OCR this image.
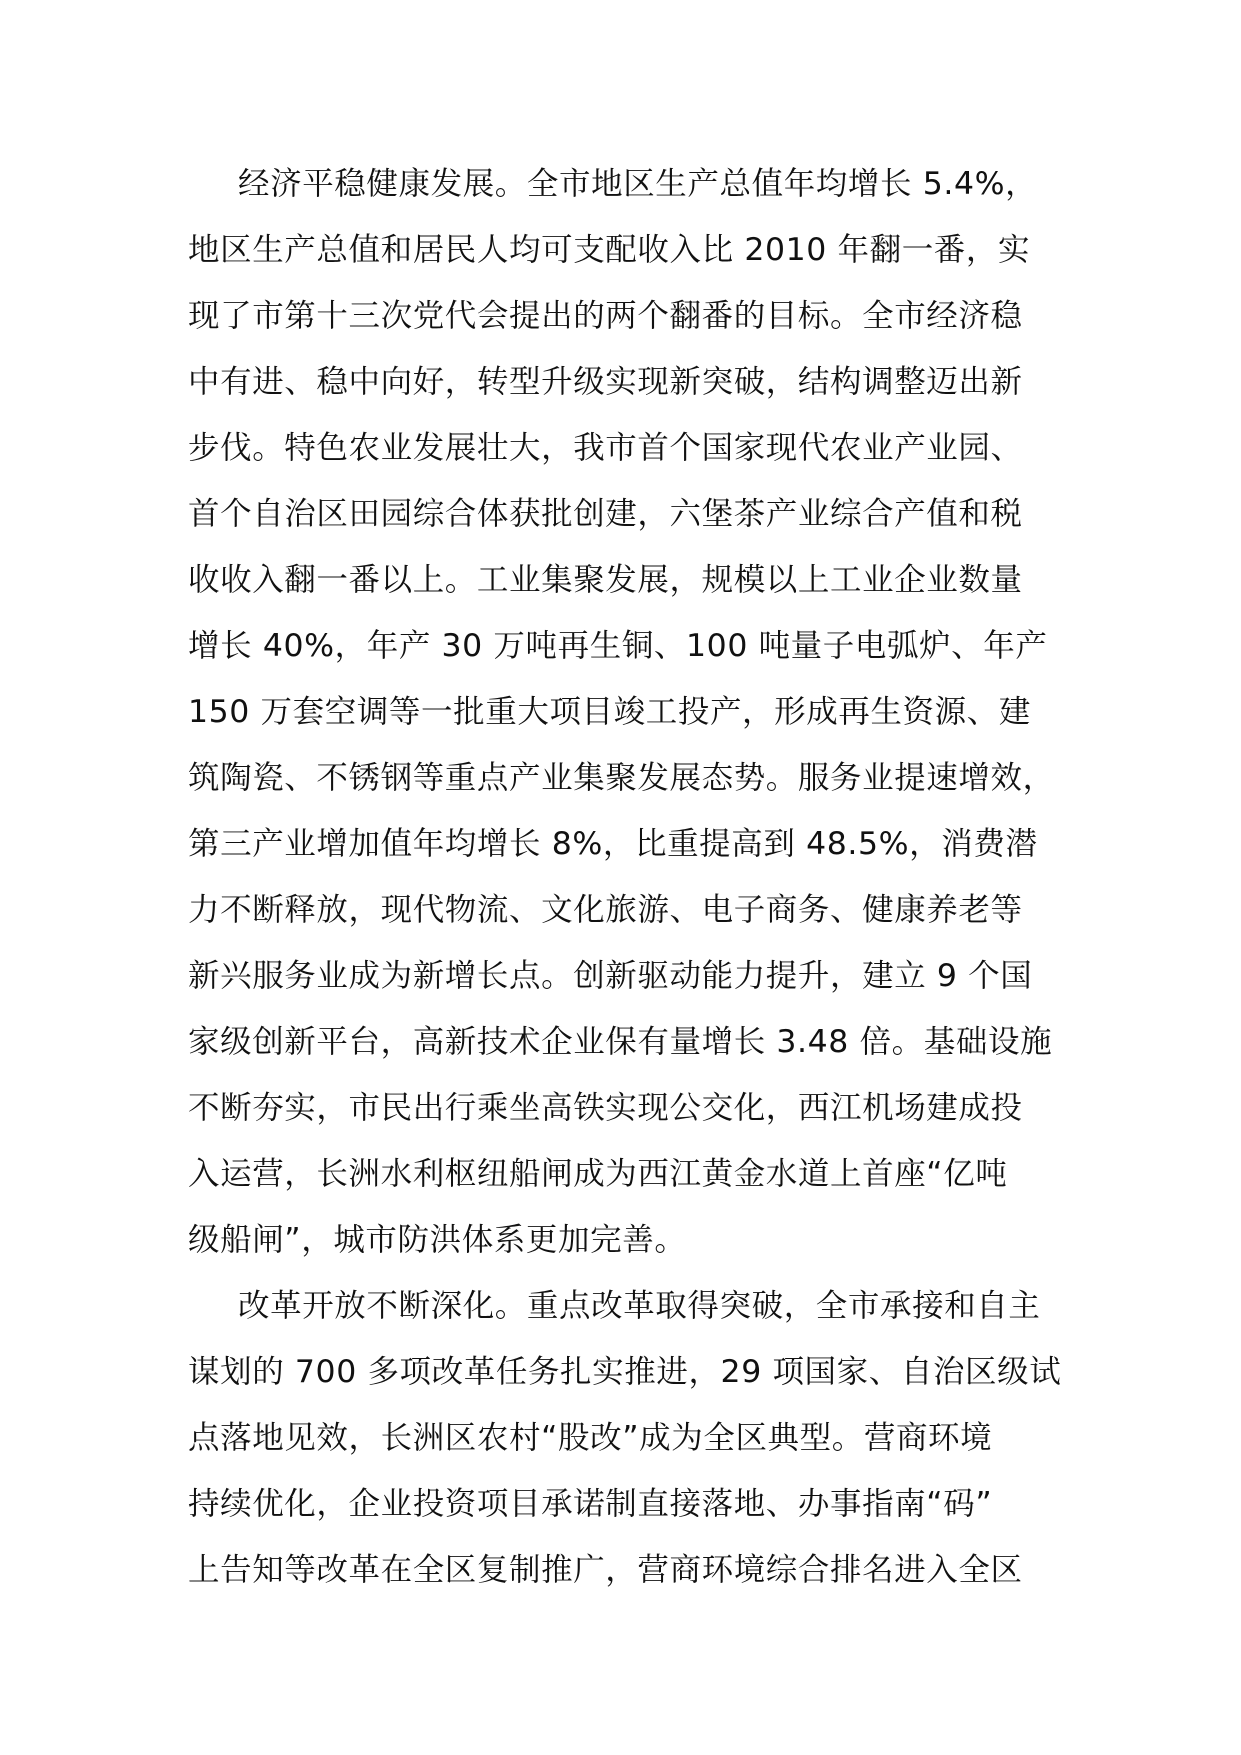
经济平稳健康发展。全市地区生产总值年均增长 5.4%，
地区生产总值和居民人均可支配收入比 2010 年翻一番，实
现了市第十三次党代会提出的两个翻番的目标。全市经济稳
中有进、稳中向好，转型升级实现新突破，结构调整迈出新
步伐。特色农业发展壮大，我市首个国家现代农业产业园、
首个自治区田园综合体获批创建，六堡茶产业综合产值和税
收收入翻一番以上。工业集聚发展，规模以上工业企业数量
增长 40%，年产 30 万吨再生铜、100 吨量子电弧炉、年产
150 万套空调等一批重大项目竣工投产，形成再生资源、建
筑陶瓷、不锈钢等重点产业集聚发展态势。服务业提速增效，
第三产业增加值年均增长 8%，比重提高到 48.5%，消费潜
力不断释放，现代物流、文化旅游、电子商务、健康养老等
新兴服务业成为新增长点。创新驱动能力提升，建立 9 个国
家级创新平台，高新技术企业保有量增长 3.48 倍。基础设施
不断夯实，市民出行乘坐高铁实现公交化，西江机场建成投
入运营，长洲水利枢纽船闸成为西江黄金水道上首座“亿吨
级船闸”，城市防洪体系更加完善。
改革开放不断深化。重点改革取得突破，全市承接和自主
谋划的 700 多项改革任务扎实推进，29 项国家、自治区级试
点落地见效，长洲区农村“股改”成为全区典型。营商环境
持续优化，企业投资项目承诺制直接落地、办事指南“码”
上告知等改革在全区复制推广，营商环境综合排名进入全区
